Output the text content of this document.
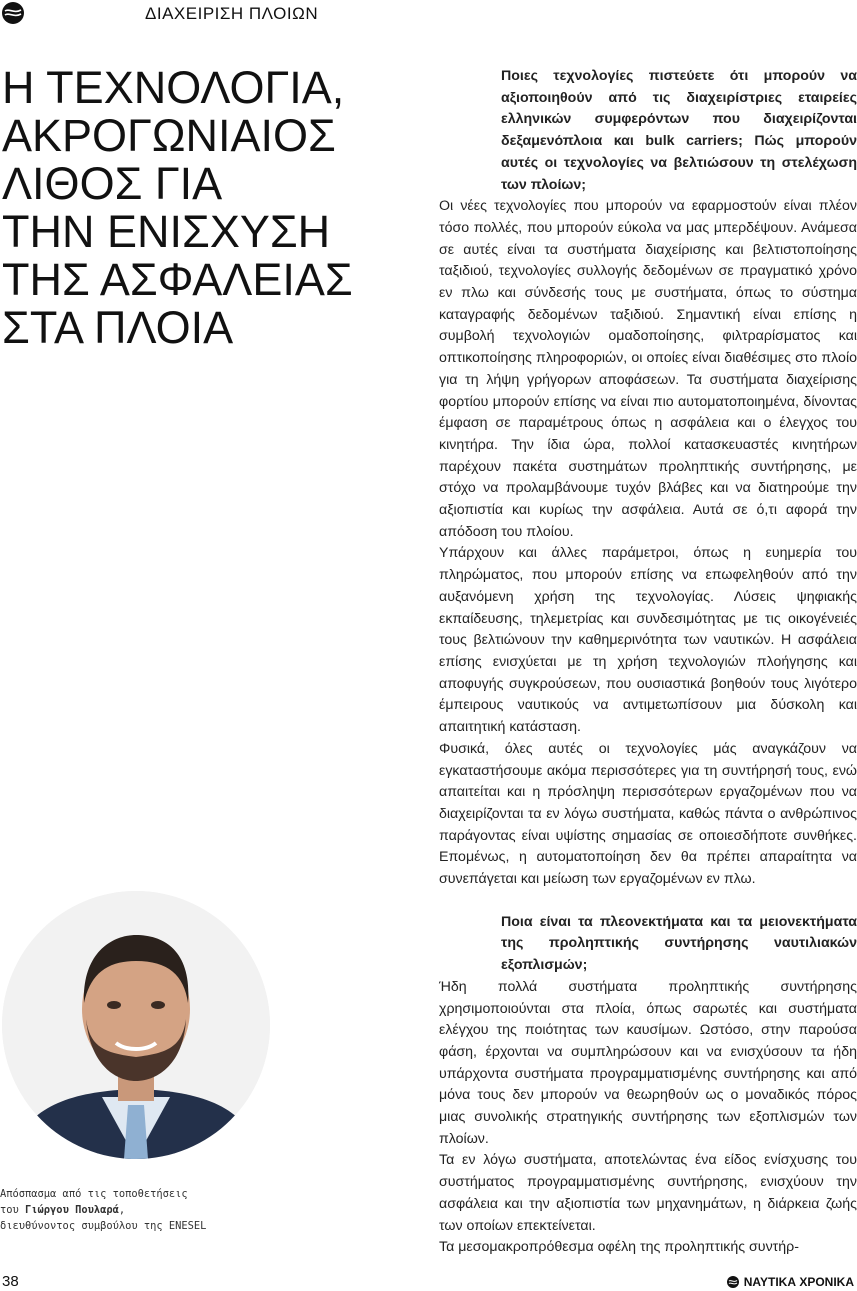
ΔΙΑΧΕΙΡΙΣΗ ΠΛΟΙΩΝ
Η ΤΕΧΝΟΛΟΓΙΑ,
ΑΚΡΟΓΩΝΙΑΙΟΣ
ΛΙΘΟΣ ΓΙΑ
ΤΗΝ ΕΝΙΣΧΥΣΗ
ΤΗΣ ΑΣΦΑΛΕΙΑΣ
ΣΤΑ ΠΛΟΙΑ

Ποιες τεχνολογίες πιστεύετε ότι μπορούν να αξιοποιηθούν από τις διαχειρίστριες εταιρείες ελληνικών συμφερόντων που διαχειρίζονται δεξαμενόπλοια και bulk carriers; Πώς μπορούν αυτές οι τεχνολογίες να βελτιώσουν τη στελέχωση των πλοίων;

Οι νέες τεχνολογίες που μπορούν να εφαρμοστούν είναι πλέον τόσο πολλές, που μπορούν εύκολα να μας μπερδέψουν. Ανάμεσα σε αυτές είναι τα συστήματα διαχείρισης και βελτιστοποίησης ταξιδιού, τεχνολογίες συλλογής δεδομένων σε πραγματικό χρόνο εν πλω και σύνδεσής τους με συστήματα, όπως το σύστημα καταγραφής δεδομένων ταξιδιού. Σημαντική είναι επίσης η συμβολή τεχνολογιών ομαδοποίησης, φιλτραρίσματος και οπτικοποίησης πληροφοριών, οι οποίες είναι διαθέσιμες στο πλοίο για τη λήψη γρήγορων αποφάσεων. Τα συστήματα διαχείρισης φορτίου μπορούν επίσης να είναι πιο αυτοματοποιημένα, δίνοντας έμφαση σε παραμέτρους όπως η ασφάλεια και ο έλεγχος του κινητήρα. Την ίδια ώρα, πολλοί κατασκευαστές κινητήρων παρέχουν πακέτα συστημάτων προληπτικής συντήρησης, με στόχο να προλαμβάνουμε τυχόν βλάβες και να διατηρούμε την αξιοπιστία και κυρίως την ασφάλεια. Αυτά σε ό,τι αφορά την απόδοση του πλοίου.

Υπάρχουν και άλλες παράμετροι, όπως η ευημερία του πληρώματος, που μπορούν επίσης να επωφεληθούν από την αυξανόμενη χρήση της τεχνολογίας. Λύσεις ψηφιακής εκπαίδευσης, τηλεμετρίας και συνδεσιμότητας με τις οικογένειές τους βελτιώνουν την καθημερινότητα των ναυτικών. Η ασφάλεια επίσης ενισχύεται με τη χρήση τεχνολογιών πλοήγησης και αποφυγής συγκρούσεων, που ουσιαστικά βοηθούν τους λιγότερο έμπειρους ναυτικούς να αντιμετωπίσουν μια δύσκολη και απαιτητική κατάσταση.

Φυσικά, όλες αυτές οι τεχνολογίες μάς αναγκάζουν να εγκαταστήσουμε ακόμα περισσότερες για τη συντήρησή τους, ενώ απαιτείται και η πρόσληψη περισσότερων εργαζομένων που να διαχειρίζονται τα εν λόγω συστήματα, καθώς πάντα ο ανθρώπινος παράγοντας είναι υψίστης σημασίας σε οποιεσδήποτε συνθήκες. Επομένως, η αυτοματοποίηση δεν θα πρέπει απαραίτητα να συνεπάγεται και μείωση των εργαζομένων εν πλω.

Ποια είναι τα πλεονεκτήματα και τα μειονεκτήματα της προληπτικής συντήρησης ναυτιλιακών εξοπλισμών;

Ήδη πολλά συστήματα προληπτικής συντήρησης χρησιμοποιούνται στα πλοία, όπως σαρωτές και συστήματα ελέγχου της ποιότητας των καυσίμων. Ωστόσο, στην παρούσα φάση, έρχονται να συμπληρώσουν και να ενισχύσουν τα ήδη υπάρχοντα συστήματα προγραμματισμένης συντήρησης και από μόνα τους δεν μπορούν να θεωρηθούν ως ο μοναδικός πόρος μιας συνολικής στρατηγικής συντήρησης των εξοπλισμών των πλοίων.

Τα εν λόγω συστήματα, αποτελώντας ένα είδος ενίσχυσης του συστήματος προγραμματισμένης συντήρησης, ενισχύουν την ασφάλεια και την αξιοπιστία των μηχανημάτων, η διάρκεια ζωής των οποίων επεκτείνεται.

Τα μεσομακροπρόθεσμα οφέλη της προληπτικής συντήρ-

Απόσπασμα από τις τοποθετήσεις
του Γιώργου Πουλαρά,
διευθύνοντος συμβούλου της ENESEL
38	ΝΑΥΤΙΚΑ ΧΡΟΝΙΚΑ
